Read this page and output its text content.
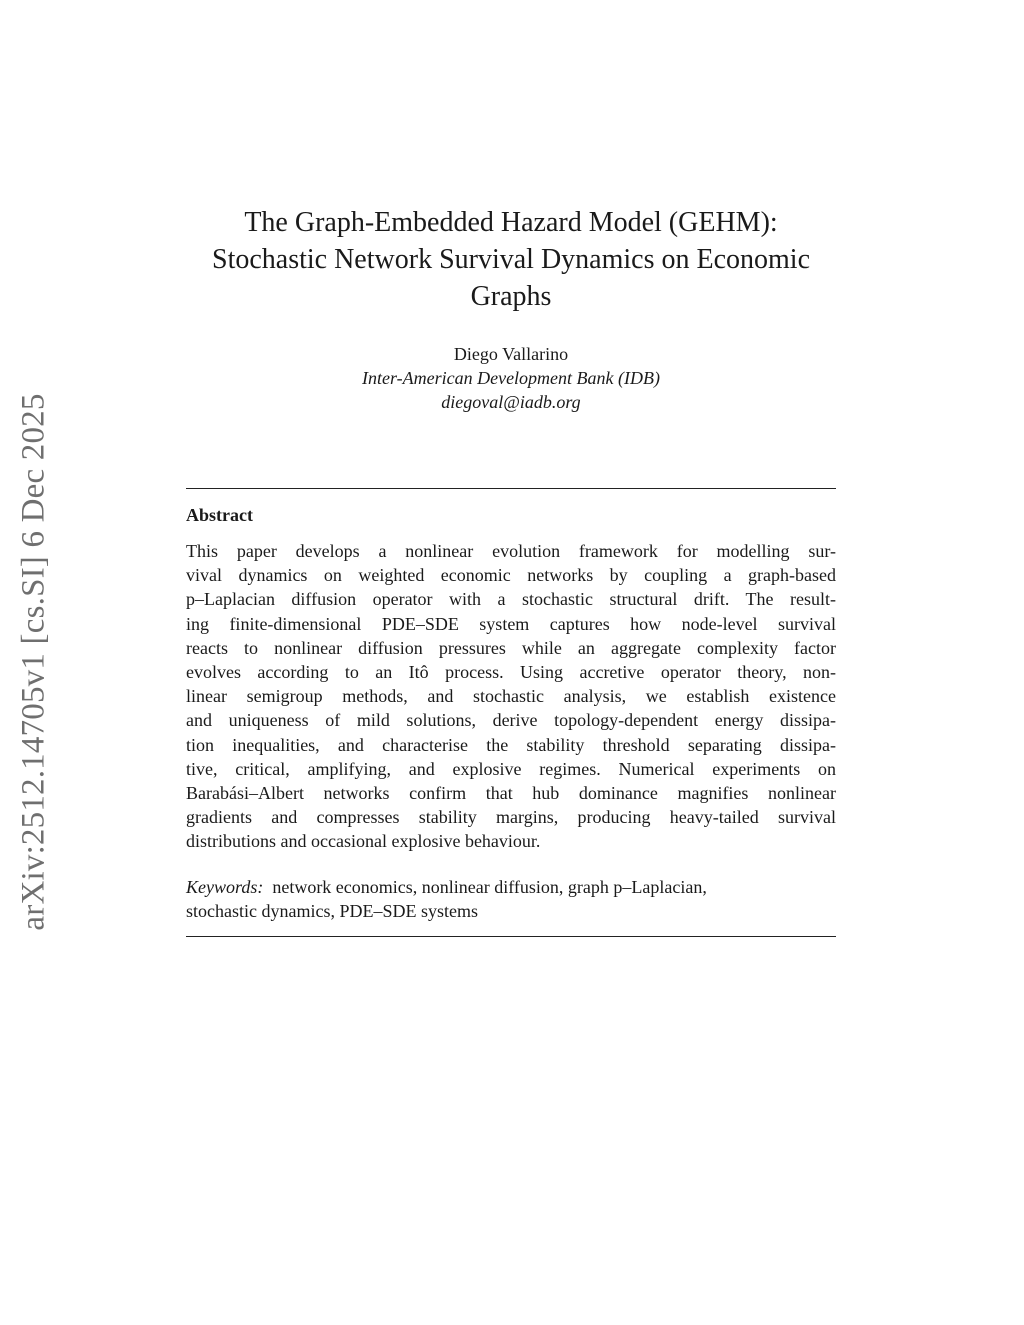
arXiv:2512.14705v1 [cs.SI] 6 Dec 2025
The Graph-Embedded Hazard Model (GEHM):
Stochastic Network Survival Dynamics on Economic
Graphs
Diego Vallarino
Inter-American Development Bank (IDB)
diegoval@iadb.org
Abstract
This paper develops a nonlinear evolution framework for modelling sur-
vival dynamics on weighted economic networks by coupling a graph-based
p–Laplacian diffusion operator with a stochastic structural drift. The result-
ing finite-dimensional PDE–SDE system captures how node-level survival
reacts to nonlinear diffusion pressures while an aggregate complexity factor
evolves according to an Itô process. Using accretive operator theory, non-
linear semigroup methods, and stochastic analysis, we establish existence
and uniqueness of mild solutions, derive topology-dependent energy dissipa-
tion inequalities, and characterise the stability threshold separating dissipa-
tive, critical, amplifying, and explosive regimes. Numerical experiments on
Barabási–Albert networks confirm that hub dominance magnifies nonlinear
gradients and compresses stability margins, producing heavy-tailed survival
distributions and occasional explosive behaviour.
Keywords: network economics, nonlinear diffusion, graph p–Laplacian,
stochastic dynamics, PDE–SDE systems
